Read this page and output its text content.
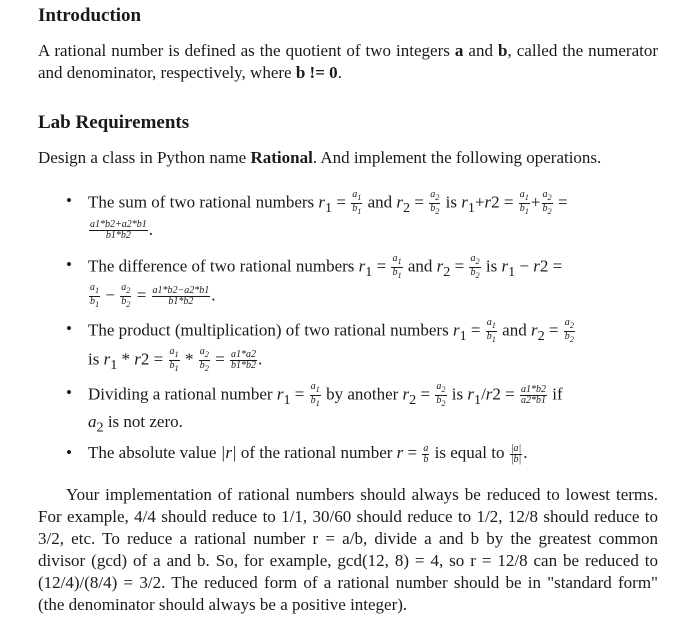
Introduction

A rational number is defined as the quotient of two integers a and b, called the numerator and denominator, respectively, where b != 0.

Lab Requirements

Design a class in Python name Rational. And implement the following operations.

• The sum of two rational numbers $r_1 = \frac{a_1}{b_1}$ and $r_2 = \frac{a_2}{b_2}$ is $r_1+r2 = \frac{a_1}{b_1} + \frac{a_2}{b_2}$ =

$\frac{a1*b2+a2*b1}{b1*b2}$ .

• The difference of two rational numbers $r_1 = \frac{a_1}{b_1}$ and $r_2 = \frac{a_2}{b_2}$ is $r_1 - r2$ =

$\frac{a_1}{b_1} - \frac{a_2}{b_2} = \frac{a1*b2-a2*b1}{b1*b2}$ .

• The product (multiplication) of two rational numbers $r_1 = \frac{a_1}{b_1}$ and $r_2 = \frac{a_2}{b_2}$

is $r_1 * r2 = \frac{a_1}{b_1} * \frac{a_2}{b_2} = \frac{a1*a2}{b1*b2}$ .

• Dividing a rational number $r_1 = \frac{a_1}{b_1}$ by another $r_2 = \frac{a_2}{b_2}$ is $r_1/r2 = \frac{a1*b2}{a2*b1}$ if
$a_2$ is not zero.

• The absolute value |r| of the rational number $r = \frac{a}{b}$ is equal to $\frac{|a|}{|b|}$ .

Your implementation of rational numbers should always be reduced to lowest terms. For example, 4/4 should reduce to 1/1, 30/60 should reduce to 1/2, 12/8 should reduce to 3/2, etc. To reduce a rational number r = a/b, divide a and b by the greatest common divisor (gcd) of a and b. So, for example, gcd(12, 8) = 4, so r = 12/8 can be reduced to (12/4)/(8/4) = 3/2. The reduced form of a rational number should be in "standard form" (the denominator should always be a positive integer).
